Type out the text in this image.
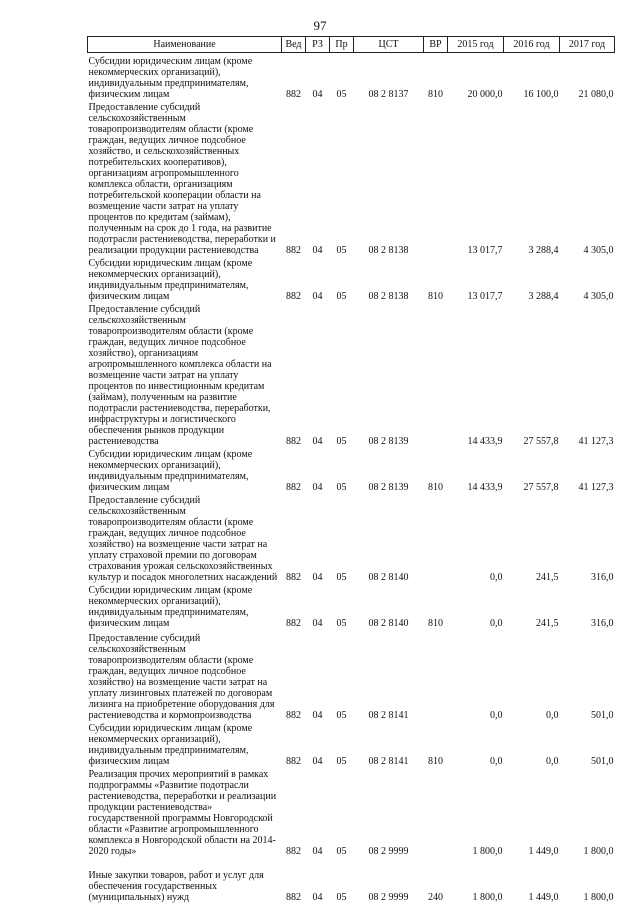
97
Наименование	Вед	РЗ	Пр	ЦСТ	ВР	2015 год	2016 год	2017 год
Субсидии юридическим лицам (кроме некоммерческих организаций), индивидуальным предпринимателям, физическим лицам	882	04	05	08 2 8137	810	20 000,0	16 100,0	21 080,0
Предоставление субсидий сельскохозяйственным товаропроизводителям области (кроме граждан, ведущих личное подсобное хозяйство, и сельскохозяйственных потребительских кооперативов), организациям агропромышленного комплекса области, организациям потребительской кооперации области на возмещение части затрат на уплату процентов по кредитам (займам), полученным на срок до 1 года, на развитие подотрасли растениеводства, переработки и реализации продукции растениеводства	882	04	05	08 2 8138		13 017,7	3 288,4	4 305,0
Субсидии юридическим лицам (кроме некоммерческих организаций), индивидуальным предпринимателям, физическим лицам	882	04	05	08 2 8138	810	13 017,7	3 288,4	4 305,0
Предоставление субсидий сельскохозяйственным товаропроизводителям области (кроме граждан, ведущих личное подсобное хозяйство), организациям агропромышленного комплекса области на возмещение части затрат на уплату процентов по инвестиционным кредитам (займам), полученным на развитие подотрасли растениеводства, переработки, инфраструктуры и логистического обеспечения рынков продукции растениеводства	882	04	05	08 2 8139		14 433,9	27 557,8	41 127,3
Субсидии юридическим лицам (кроме некоммерческих организаций), индивидуальным предпринимателям, физическим лицам	882	04	05	08 2 8139	810	14 433,9	27 557,8	41 127,3
Предоставление субсидий сельскохозяйственным товаропроизводителям области (кроме граждан, ведущих личное подсобное хозяйство) на возмещение части затрат на уплату страховой премии по договорам страхования урожая сельскохозяйственных культур и посадок многолетних насаждений	882	04	05	08 2 8140		0,0	241,5	316,0
Субсидии юридическим лицам (кроме некоммерческих организаций), индивидуальным предпринимателям, физическим лицам	882	04	05	08 2 8140	810	0,0	241,5	316,0
Предоставление субсидий сельскохозяйственным товаропроизводителям области (кроме граждан, ведущих личное подсобное хозяйство) на возмещение части затрат на уплату лизинговых платежей по договорам лизинга на приобретение оборудования для растениеводства и кормопроизводства	882	04	05	08 2 8141		0,0	0,0	501,0
Субсидии юридическим лицам (кроме некоммерческих организаций), индивидуальным предпринимателям, физическим лицам	882	04	05	08 2 8141	810	0,0	0,0	501,0
Реализация прочих мероприятий в рамках подпрограммы «Развитие подотрасли растениеводства, переработки и реализации продукции растениеводства» государственной программы Новгородской области «Развитие агропромышленного комплекса в Новгородской области на 2014-2020 годы»	882	04	05	08 2 9999		1 800,0	1 449,0	1 800,0
Иные закупки товаров, работ и услуг для обеспечения государственных (муниципальных) нужд	882	04	05	08 2 9999	240	1 800,0	1 449,0	1 800,0
